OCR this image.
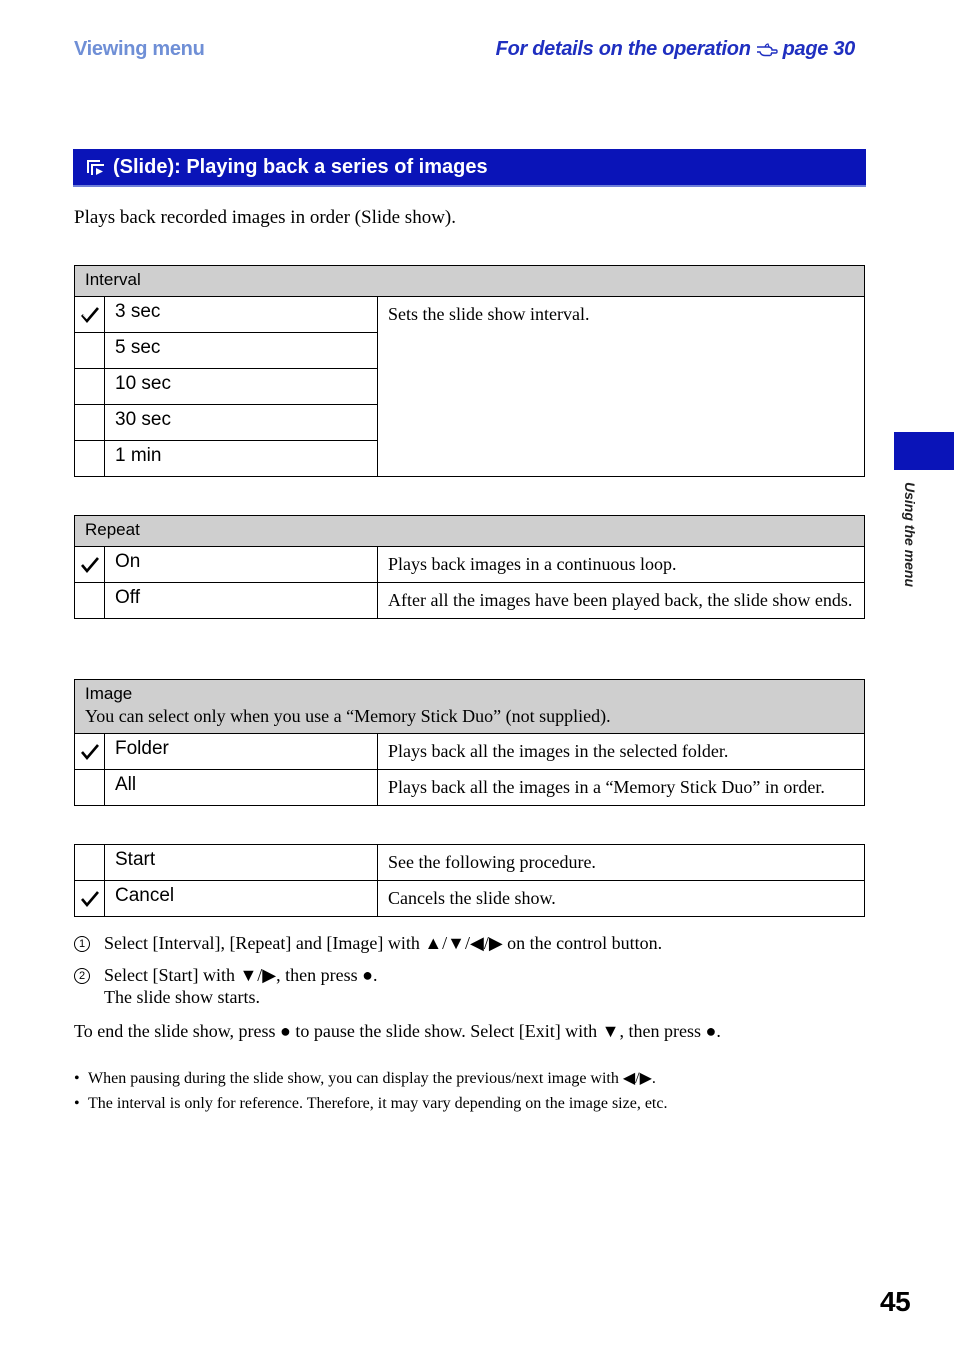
Viewing menu	For details on the operation page 30
(Slide): Playing back a series of images
Plays back recorded images in order (Slide show).
Interval		

	3 sec	Sets the slide show interval.
	5 sec	
	10 sec	
	30 sec	
	1 min	
Repeat		

	On	Plays back images in a continuous loop.
	Off	After all the images have been played back, the slide show ends.
Image
You can select only when you use a “Memory Stick Duo” (not supplied).		

	Folder	Plays back all the images in the selected folder.
	All	Plays back all the images in a “Memory Stick Duo” in order.
	Start	See the following procedure.

	Cancel	Cancels the slide show.
1 Select [Interval], [Repeat] and [Image] with ▲/▼/◀/▶ on the control button.
2 Select [Start] with ▼/▶, then press ●.
The slide show starts.
To end the slide show, press ● to pause the slide show. Select [Exit] with ▼, then press ●.
• When pausing during the slide show, you can display the previous/next image with ◀/▶.
• The interval is only for reference. Therefore, it may vary depending on the image size, etc.
Using the menu
45
